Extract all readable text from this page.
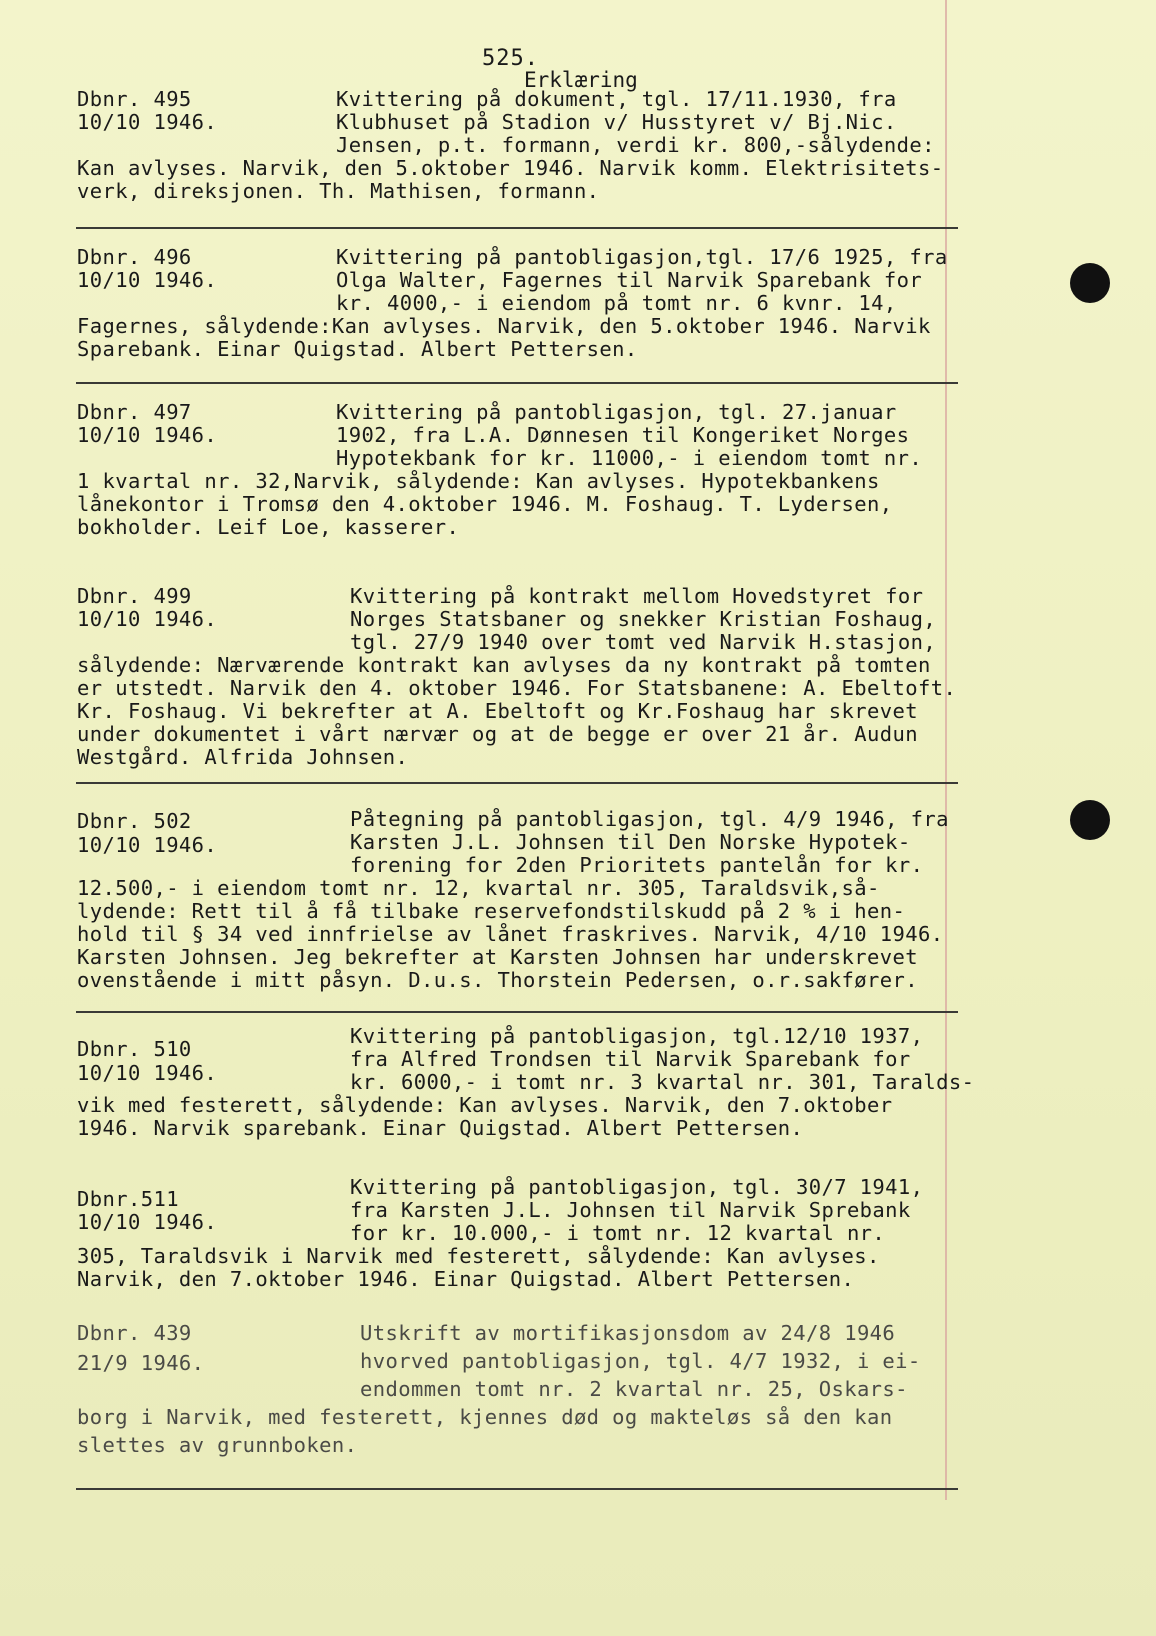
525.
Erklæring
Dbnr. 495
10/10 1946.
Kvittering på dokument, tgl. 17/11.1930, fra
Klubhuset på Stadion v/ Husstyret v/ Bj.Nic.
Jensen, p.t. formann, verdi kr. 800,-sålydende:
Kan avlyses. Narvik, den 5.oktober 1946. Narvik komm. Elektrisitets-
verk, direksjonen. Th. Mathisen, formann.
Dbnr. 496
10/10 1946.
Kvittering på pantobligasjon,tgl. 17/6 1925, fra
Olga Walter, Fagernes til Narvik Sparebank for
kr. 4000,- i eiendom på tomt nr. 6 kvnr. 14,
Fagernes, sålydende:Kan avlyses. Narvik, den 5.oktober 1946. Narvik
Sparebank. Einar Quigstad. Albert Pettersen.
Dbnr. 497
10/10 1946.
Kvittering på pantobligasjon, tgl. 27.januar
1902, fra L.A. Dønnesen til Kongeriket Norges
Hypotekbank for kr. 11000,- i eiendom tomt nr.
1 kvartal nr. 32,Narvik, sålydende: Kan avlyses. Hypotekbankens
lånekontor i Tromsø den 4.oktober 1946. M. Foshaug. T. Lydersen,
bokholder. Leif Loe, kasserer.
Dbnr. 499
10/10 1946.
Kvittering på kontrakt mellom Hovedstyret for
Norges Statsbaner og snekker Kristian Foshaug,
tgl. 27/9 1940 over tomt ved Narvik H.stasjon,
sålydende: Nærværende kontrakt kan avlyses da ny kontrakt på tomten
er utstedt. Narvik den 4. oktober 1946. For Statsbanene: A. Ebeltoft.
Kr. Foshaug. Vi bekrefter at A. Ebeltoft og Kr.Foshaug har skrevet
under dokumentet i vårt nærvær og at de begge er over 21 år. Audun
Westgård. Alfrida Johnsen.
Dbnr. 502
10/10 1946.
Påtegning på pantobligasjon, tgl. 4/9 1946, fra
Karsten J.L. Johnsen til Den Norske Hypotek-
forening for 2den Prioritets pantelån for kr.
12.500,- i eiendom tomt nr. 12, kvartal nr. 305, Taraldsvik,så-
lydende: Rett til å få tilbake reservefondstilskudd på 2 % i hen-
hold til § 34 ved innfrielse av lånet fraskrives. Narvik, 4/10 1946.
Karsten Johnsen. Jeg bekrefter at Karsten Johnsen har underskrevet
ovenstående i mitt påsyn. D.u.s. Thorstein Pedersen, o.r.sakfører.
Dbnr. 510
10/10 1946.
Kvittering på pantobligasjon, tgl.12/10 1937,
fra Alfred Trondsen til Narvik Sparebank for
kr. 6000,- i tomt nr. 3 kvartal nr. 301, Taralds-
vik med festerett, sålydende: Kan avlyses. Narvik, den 7.oktober
1946. Narvik sparebank. Einar Quigstad. Albert Pettersen.
Dbnr.511
10/10 1946.
Kvittering på pantobligasjon, tgl. 30/7 1941,
fra Karsten J.L. Johnsen til Narvik Sprebank
for kr. 10.000,- i tomt nr. 12 kvartal nr.
305, Taraldsvik i Narvik med festerett, sålydende: Kan avlyses.
Narvik, den 7.oktober 1946. Einar Quigstad. Albert Pettersen.
Dbnr. 439
21/9 1946.
Utskrift av mortifikasjonsdom av 24/8 1946
hvorved pantobligasjon, tgl. 4/7 1932, i ei-
endommen tomt nr. 2 kvartal nr. 25, Oskars-
borg i Narvik, med festerett, kjennes død og makteløs så den kan
slettes av grunnboken.
